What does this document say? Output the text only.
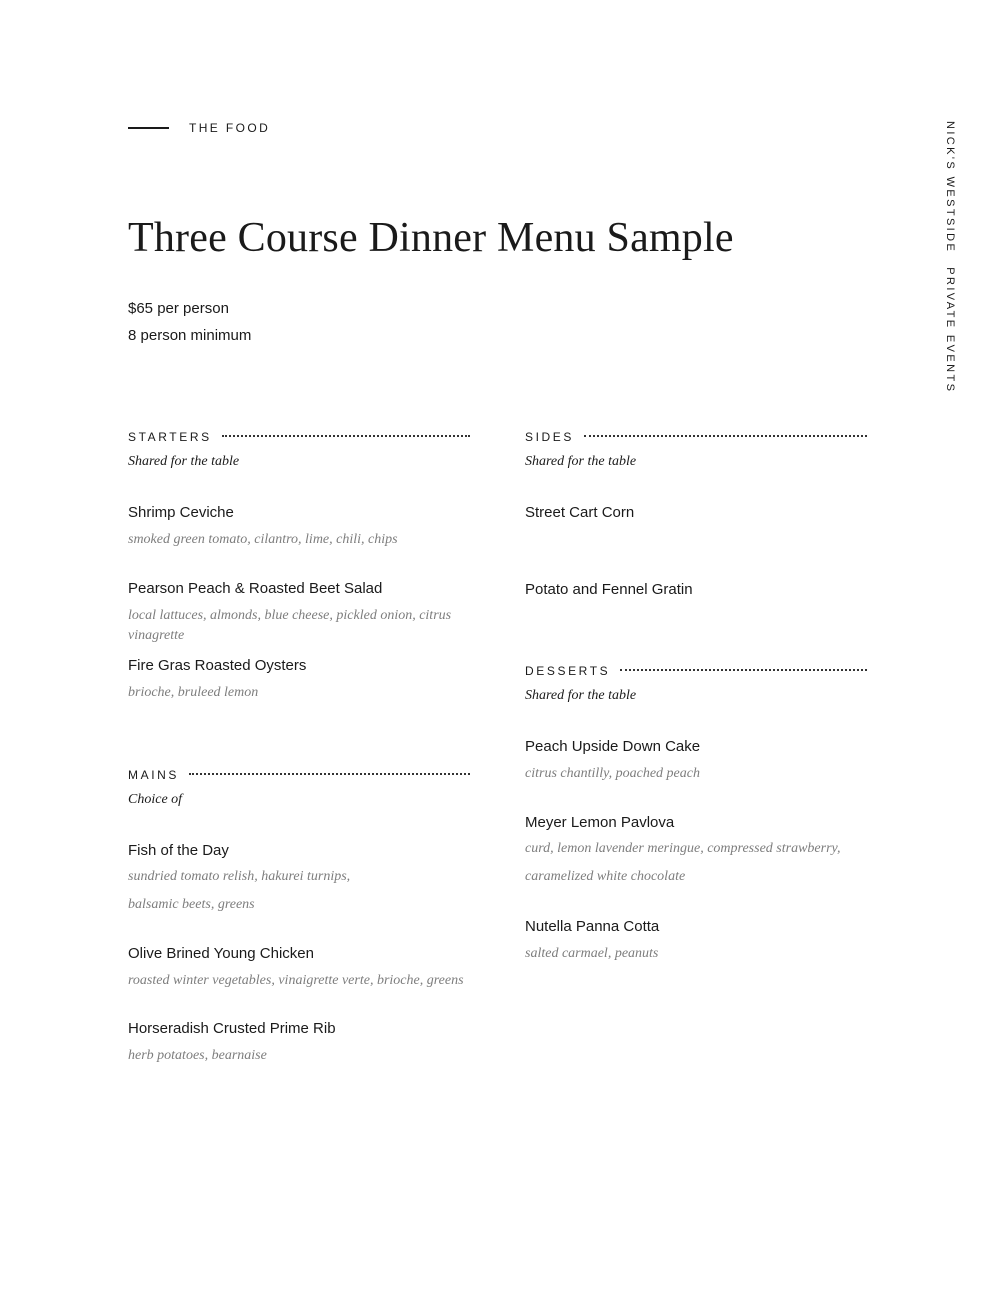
THE FOOD	NICK'S WESTSIDEPRIVATE EVENTS
Three Course Dinner Menu Sample
$65 per person
8 person minimum
STARTERS
Shared for the table
Shrimp Ceviche
smoked green tomato, cilantro, lime, chili, chips
Pearson Peach & Roasted Beet Salad
local lattuces, almonds, blue cheese, pickled onion, citrus vinagrette
Fire Gras Roasted Oysters
brioche, bruleed lemon
MAINS
Choice of
Fish of the Day
sundried tomato relish, hakurei turnips,
balsamic beets, greens
Olive Brined Young Chicken
roasted winter vegetables, vinaigrette verte, brioche, greens
Horseradish Crusted Prime Rib
herb potatoes, bearnaise
SIDES
Shared for the table
Street Cart Corn
Potato and Fennel Gratin
DESSERTS
Shared for the table
Peach Upside Down Cake
citrus chantilly, poached peach
Meyer Lemon Pavlova
curd, lemon lavender meringue, compressed strawberry,
caramelized white chocolate
Nutella Panna Cotta
salted carmael, peanuts
